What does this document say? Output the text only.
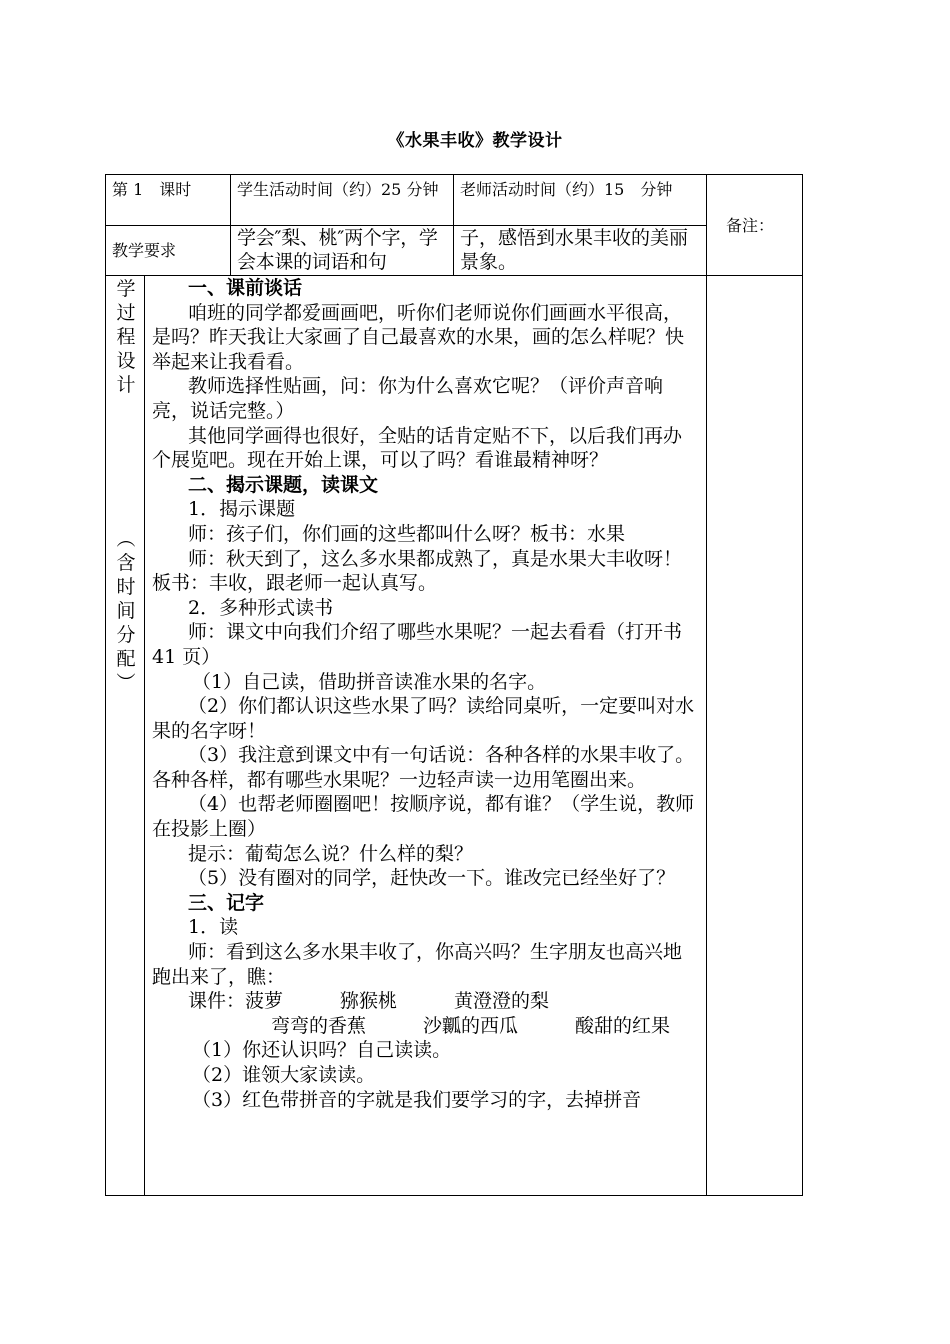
《水果丰收》教学设计
第 1　课时	学生活动时间（约）25 分钟	老师活动时间（约）15　分钟
备注：
教学要求
学会″梨、桃″两个字，学会本课的词语和句
子，感悟到水果丰收的美丽景象。
学
过
程
设
计
︵
含
时
间
分
配
︶

一、课前谈话

咱班的同学都爱画画吧，听你们老师说你们画画水平很高，是吗？昨天我让大家画了自己最喜欢的水果，画的怎么样呢？快举起来让我看看。

教师选择性贴画，问：你为什么喜欢它呢？（评价声音响亮，说话完整。）

其他同学画得也很好，全贴的话肯定贴不下，以后我们再办个展览吧。现在开始上课，可以了吗？看谁最精神呀？

二、揭示课题，读课文

1．揭示课题

师：孩子们，你们画的这些都叫什么呀？板书：水果

师：秋天到了，这么多水果都成熟了，真是水果大丰收呀！板书：丰收，跟老师一起认真写。

2．多种形式读书

师：课文中向我们介绍了哪些水果呢？一起去看看（打开书 41 页）

（1）自己读，借助拼音读准水果的名字。

（2）你们都认识这些水果了吗？读给同桌听，一定要叫对水果的名字呀！

（3）我注意到课文中有一句话说：各种各样的水果丰收了。各种各样，都有哪些水果呢？一边轻声读一边用笔圈出来。

（4）也帮老师圈圈吧！按顺序说，都有谁？（学生说，教师在投影上圈）

提示：葡萄怎么说？什么样的梨？

（5）没有圈对的同学，赶快改一下。谁改完已经坐好了？

三、记字

1．读

师：看到这么多水果丰收了，你高兴吗？生字朋友也高兴地跑出来了，瞧：

课件：菠萝　　　猕猴桃　　　黄澄澄的梨

　弯弯的香蕉　　　沙瓤的西瓜　　　酸甜的红果

（1）你还认识吗？自己读读。

（2）谁领大家读读。

（3）红色带拼音的字就是我们要学习的字，去掉拼音
